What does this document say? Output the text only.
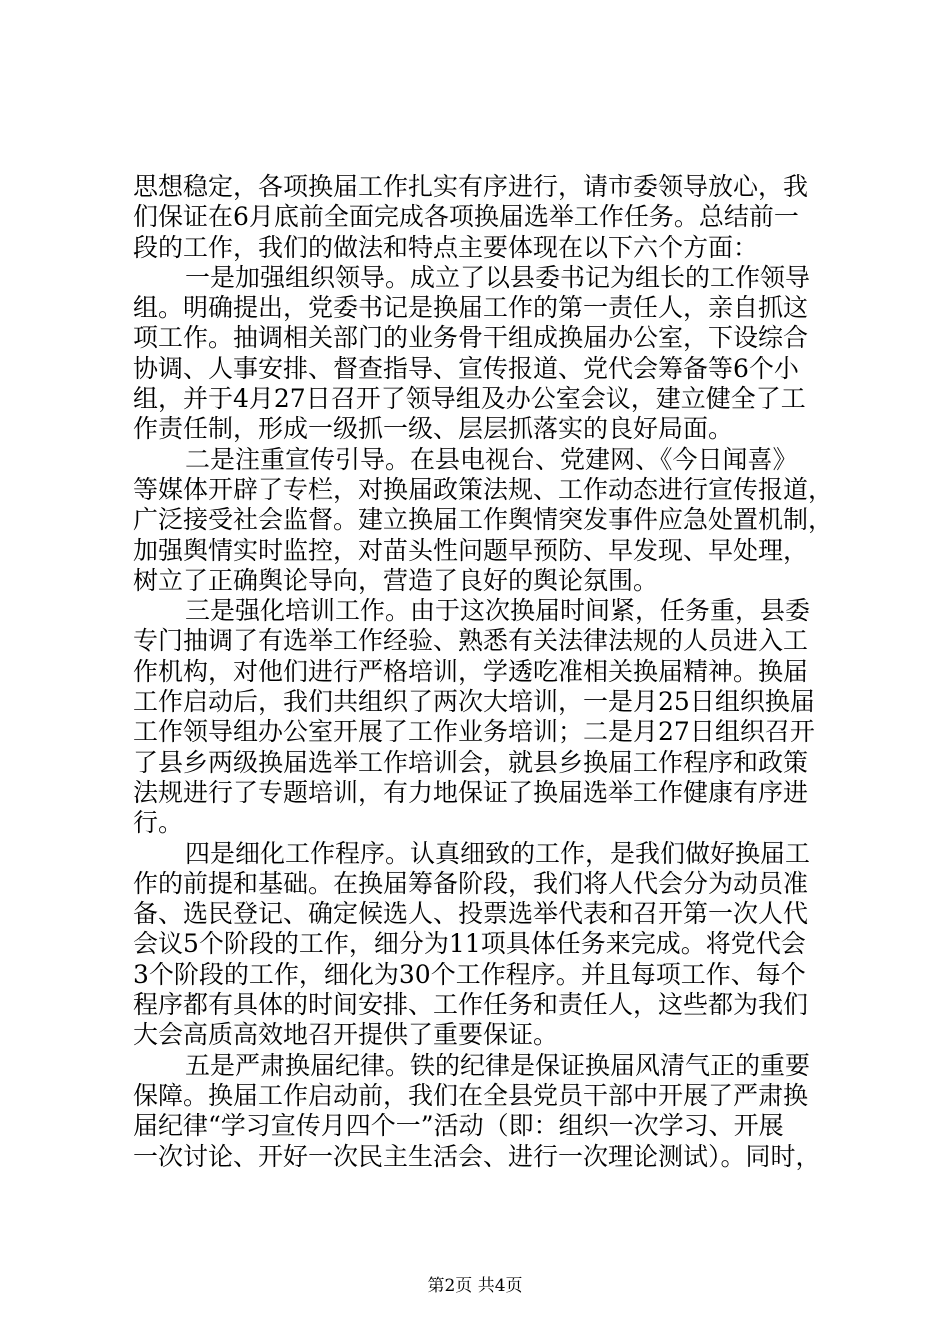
思想稳定，各项换届工作扎实有序进行，请市委领导放心，我
们保证在6月底前全面完成各项换届选举工作任务。总结前一
段的工作，我们的做法和特点主要体现在以下六个方面：
一是加强组织领导。成立了以县委书记为组长的工作领导
组。明确提出，党委书记是换届工作的第一责任人，亲自抓这
项工作。抽调相关部门的业务骨干组成换届办公室，下设综合
协调、人事安排、督查指导、宣传报道、党代会筹备等6个小
组，并于4月27日召开了领导组及办公室会议，建立健全了工
作责任制，形成一级抓一级、层层抓落实的良好局面。
二是注重宣传引导。在县电视台、党建网、《今日闻喜》
等媒体开辟了专栏，对换届政策法规、工作动态进行宣传报道，
广泛接受社会监督。建立换届工作舆情突发事件应急处置机制，
加强舆情实时监控，对苗头性问题早预防、早发现、早处理，
树立了正确舆论导向，营造了良好的舆论氛围。
三是强化培训工作。由于这次换届时间紧，任务重，县委
专门抽调了有选举工作经验、熟悉有关法律法规的人员进入工
作机构，对他们进行严格培训，学透吃准相关换届精神。换届
工作启动后，我们共组织了两次大培训，一是月25日组织换届
工作领导组办公室开展了工作业务培训；二是月27日组织召开
了县乡两级换届选举工作培训会，就县乡换届工作程序和政策
法规进行了专题培训，有力地保证了换届选举工作健康有序进
行。
四是细化工作程序。认真细致的工作，是我们做好换届工
作的前提和基础。在换届筹备阶段，我们将人代会分为动员准
备、选民登记、确定候选人、投票选举代表和召开第一次人代
会议5个阶段的工作，细分为11项具体任务来完成。将党代会
3个阶段的工作，细化为30个工作程序。并且每项工作、每个
程序都有具体的时间安排、工作任务和责任人，这些都为我们
大会高质高效地召开提供了重要保证。
五是严肃换届纪律。铁的纪律是保证换届风清气正的重要
保障。换届工作启动前，我们在全县党员干部中开展了严肃换
届纪律“学习宣传月四个一”活动（即：组织一次学习、开展
一次讨论、开好一次民主生活会、进行一次理论测试）。同时，
第2页 共4页
